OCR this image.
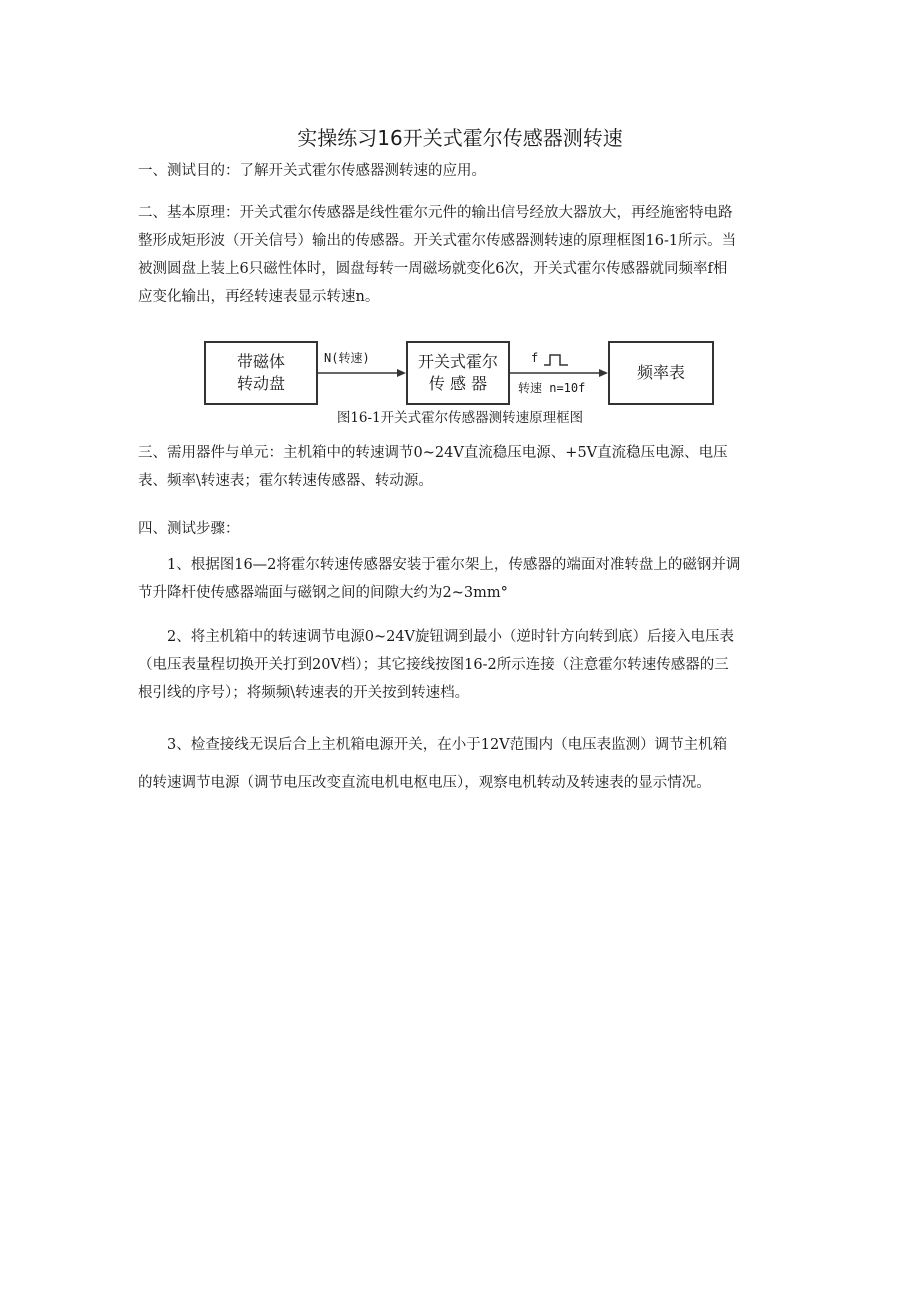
实操练习16开关式霍尔传感器测转速
一、测试目的：了解开关式霍尔传感器测转速的应用。
二、基本原理：开关式霍尔传感器是线性霍尔元件的输出信号经放大器放大，再经施密特电路
整形成矩形波（开关信号）输出的传感器。开关式霍尔传感器测转速的原理框图16-1所示。当
被测圆盘上装上6只磁性体时，圆盘每转一周磁场就变化6次，开关式霍尔传感器就同频率f相
应变化输出，再经转速表显示转速n。
带磁体
转动盘
N(转速)	开关式霍尔
传 感 器
f
转速 n=10f
频率表
图16-1开关式霍尔传感器测转速原理框图
三、需用器件与单元：主机箱中的转速调节0~24V直流稳压电源、+5V直流稳压电源、电压
表、频率\转速表；霍尔转速传感器、转动源。
四、测试步骤：
1、根据图16—2将霍尔转速传感器安装于霍尔架上，传感器的端面对准转盘上的磁钢并调
节升降杆使传感器端面与磁钢之间的间隙大约为2~3mm°
2、将主机箱中的转速调节电源0~24V旋钮调到最小（逆时针方向转到底）后接入电压表
（电压表量程切换开关打到20V档）；其它接线按图16-2所示连接（注意霍尔转速传感器的三
根引线的序号）；将频频\转速表的开关按到转速档。
3、检查接线无误后合上主机箱电源开关，在小于12V范围内（电压表监测）调节主机箱
的转速调节电源（调节电压改变直流电机电枢电压），观察电机转动及转速表的显示情况。
